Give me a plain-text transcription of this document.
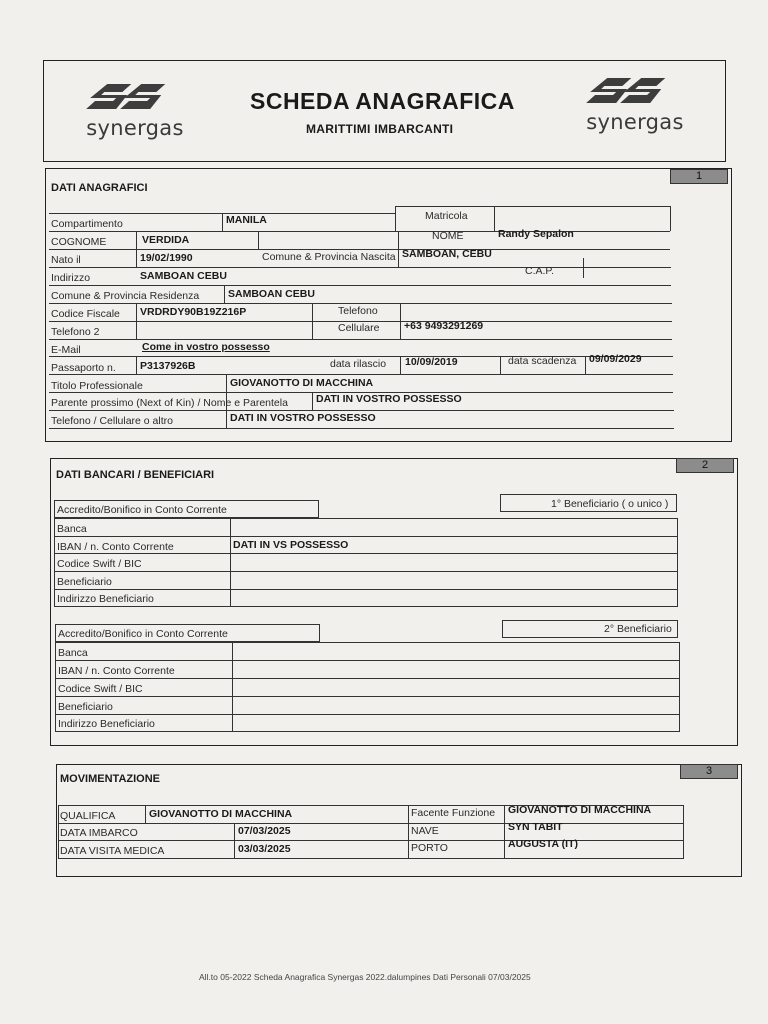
synergas	synergas
SCHEDA ANAGRAFICA
MARITTIMI IMBARCANTI
1
DATI ANAGRAFICI
Compartimento	MANILA	Matricola
COGNOME	VERDIDA	NOME	Randy Sepalon
Nato il	19/02/1990	Comune & Provincia Nascita SAMBOAN, CEBU
Indirizzo	SAMBOAN CEBU	C.A.P.
Comune & Provincia Residenza	SAMBOAN CEBU
Codice Fiscale VRDRDY90B19Z216P	Telefono
Telefono 2	Cellulare +63 9493291269
E-Mail	Come in vostro possesso
Passaporto n. P3137926B	data rilascio 10/09/2019	data scadenza 09/09/2029
Titolo Professionale	GIOVANOTTO DI MACCHINA
Parente prossimo (Next of Kin) / Nome e Parentela	DATI IN VOSTRO POSSESSO
Telefono / Cellulare o altro	DATI IN VOSTRO POSSESSO
2
DATI BANCARI / BENEFICIARI
Accredito/Bonifico in Conto Corrente	1° Beneficiario ( o unico )
Banca
IBAN / n. Conto Corrente	DATI IN VS POSSESSO
Codice Swift / BIC
Beneficiario
Indirizzo Beneficiario
Accredito/Bonifico in Conto Corrente	2° Beneficiario
Banca
IBAN / n. Conto Corrente
Codice Swift / BIC
Beneficiario
Indirizzo Beneficiario
3
MOVIMENTAZIONE
QUALIFICA	GIOVANOTTO DI MACCHINA	Facente Funzione GIOVANOTTO DI MACCHINA
DATA IMBARCO	07/03/2025	NAVE	SYN TABIT
DATA VISITA MEDICA	03/03/2025	PORTO	AUGUSTA (IT)
All.to 05-2022 Scheda Anagrafica Synergas 2022.dalumpines Dati Personali 07/03/2025
